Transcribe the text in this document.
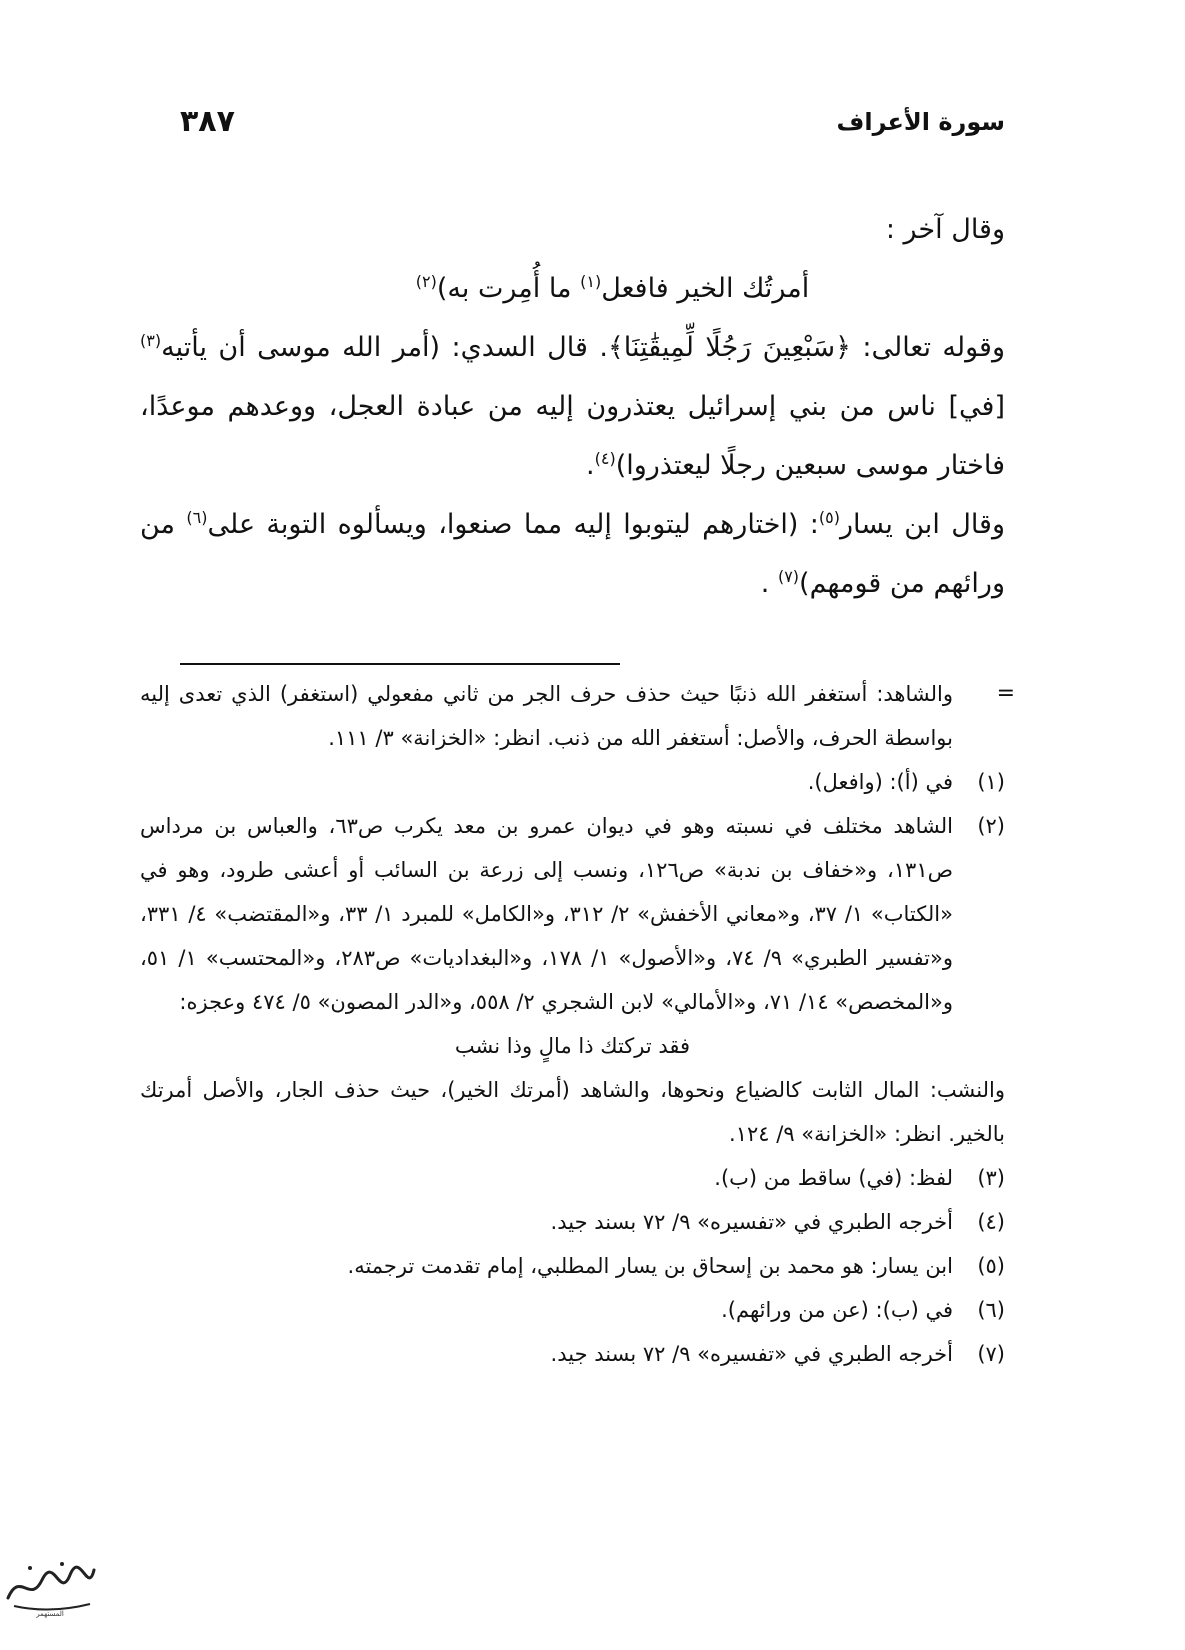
سورة الأعراف
٣٨٧

وقال آخر :

أمرتُك الخير فافعل$^{(١)}$ ما أُمِرت به)$^{(٢)}$

وقوله تعالى: ﴿سَبْعِينَ رَجُلًا لِّمِيقَٰتِنَا﴾. قال السدي: (أمر الله موسى أن يأتيه$^{(٣)}$ [في] ناس من بني إسرائيل يعتذرون إليه من عبادة العجل، ووعدهم موعدًا، فاختار موسى سبعين رجلًا ليعتذروا)$^{(٤)}$.

وقال ابن يسار$^{(٥)}$: (اختارهم ليتوبوا إليه مما صنعوا، ويسألوه التوبة على$^{(٦)}$ من ورائهم من قومهم)$^{(٧)}$ .

=
والشاهد: أستغفر الله ذنبًا حيث حذف حرف الجر من ثاني مفعولي (استغفر) الذي تعدى إليه بواسطة الحرف، والأصل: أستغفر الله من ذنب. انظر: «الخزانة» ٣/ ١١١.
(١)
في (أ): (وافعل).
(٢)
الشاهد مختلف في نسبته وهو في ديوان عمرو بن معد يكرب ص٦٣، والعباس بن مرداس ص١٣١، و«خفاف بن ندبة» ص١٢٦، ونسب إلى زرعة بن السائب أو أعشى طرود، وهو في «الكتاب» ١/ ٣٧، و«معاني الأخفش» ٢/ ٣١٢، و«الكامل» للمبرد ١/ ٣٣، و«المقتضب» ٤/ ٣٣١، و«تفسير الطبري» ٩/ ٧٤، و«الأصول» ١/ ١٧٨، و«البغداديات» ص٢٨٣، و«المحتسب» ١/ ٥١، و«المخصص» ١٤/ ٧١، و«الأمالي» لابن الشجري ٢/ ٥٥٨، و«الدر المصون» ٥/ ٤٧٤ وعجزه:
فقد تركتك ذا مالٍ وذا نشب
والنشب: المال الثابت كالضياع ونحوها، والشاهد (أمرتك الخير)، حيث حذف الجار، والأصل أمرتك بالخير. انظر: «الخزانة» ٩/ ١٢٤.
(٣)
لفظ: (في) ساقط من (ب).
(٤)
أخرجه الطبري في «تفسيره» ٩/ ٧٢ بسند جيد.
(٥)
ابن يسار: هو محمد بن إسحاق بن يسار المطلبي، إمام تقدمت ترجمته.
(٦)
في (ب): (عن من ورائهم).
(٧)
أخرجه الطبري في «تفسيره» ٩/ ٧٢ بسند جيد.
المستهمر
